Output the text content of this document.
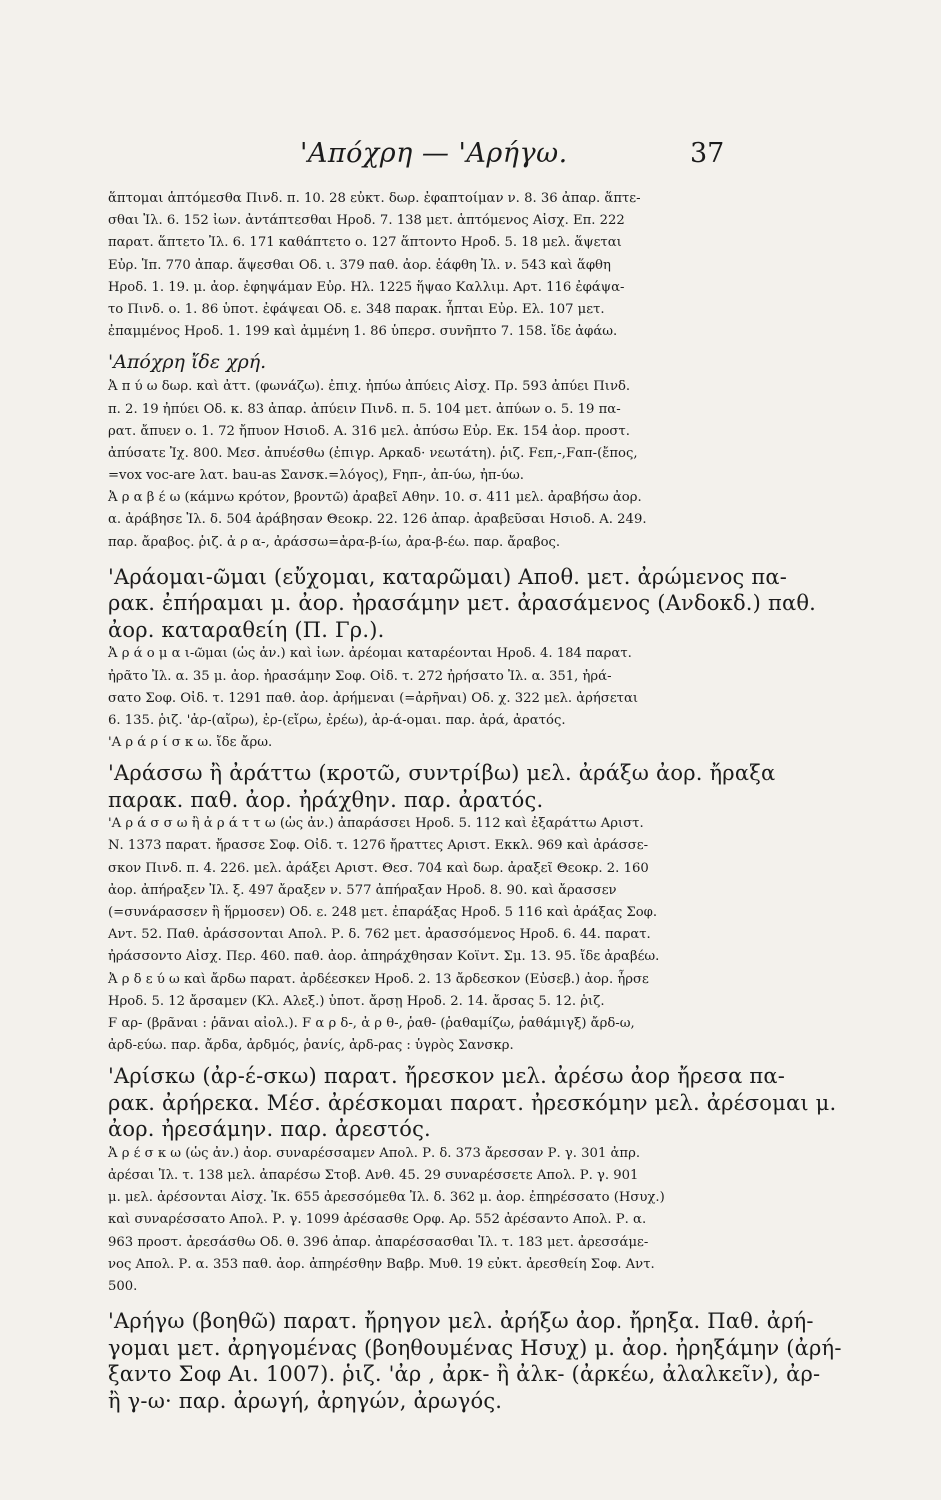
'Απόχρη — 'Αρήγω.	37
ἅπτομαι ἁπτόμεσθα Πινδ. π. 10. 28 εὐκτ. δωρ. ἐφαπτοίμαν ν. 8. 36 ἀπαρ. ἅπτε-
σθαι Ἰλ. 6. 152 ἰων. ἀντάπτεσθαι Ηροδ. 7. 138 μετ. ἁπτόμενος Αἰσχ. Επ. 222
παρατ. ἅπτετο Ἰλ. 6. 171 καθάπτετο ο. 127 ἅπτοντο Ηροδ. 5. 18 μελ. ἅψεται
Εὐρ. Ἱπ. 770 ἀπαρ. ἅψεσθαι Οδ. ι. 379 παθ. ἀορ. ἑάφθη Ἰλ. ν. 543 καὶ ἅφθη
Ηροδ. 1. 19. μ. ἀορ. ἐφηψάμαν Εὐρ. Ηλ. 1225 ἥψαο Καλλιμ. Αρτ. 116 ἐφάψα-
το Πινδ. ο. 1. 86 ὑποτ. ἐφάψεαι Οδ. ε. 348 παρακ. ἧπται Εὐρ. Ελ. 107 μετ.
ἐπαμμένος Ηροδ. 1. 199 καὶ ἀμμένη 1. 86 ὑπερσ. συνῆπτο 7. 158. ἴδε ἀφάω.
'Απόχρη ἴδε χρή.
Ἀ π ύ ω δωρ. καὶ ἀττ. (φωνάζω). ἐπιχ. ἠπύω ἀπύεις Αἰσχ. Πρ. 593 ἀπύει Πινδ.
π. 2. 19 ἠπύει Οδ. κ. 83 ἀπαρ. ἀπύειν Πινδ. π. 5. 104 μετ. ἀπύων ο. 5. 19 πα-
ρατ. ἄπυεν ο. 1. 72 ἤπυον Ησιοδ. Α. 316 μελ. ἀπύσω Εὐρ. Εκ. 154 ἀορ. προστ.
ἀπύσατε Ἰχ. 800. Μεσ. ἀπυέσθω (ἐπιγρ. Αρκαδ· νεωτάτη). ῥιζ. Fεπ,-,Fαπ-(ἔπος,
=vox voc-are λατ. bau-as Σανσκ.=λόγος), Fηπ-, ἀπ-ύω, ἠπ-ύω.
Ἀ ρ α β έ ω (κάμνω κρότον, βροντῶ) ἀραβεῖ Αθην. 10. σ. 411 μελ. ἀραβήσω ἀορ.
α. ἀράβησε Ἰλ. δ. 504 ἀράβησαν Θεοκρ. 22. 126 ἀπαρ. ἀραβεῦσαι Ησιοδ. Α. 249.
παρ. ἄραβος. ῥιζ. ἀ ρ α-, ἀράσσω=ἀρα-β-ίω, ἀρα-β-έω. παρ. ἄραβος.
'Αράομαι-ῶμαι (εὔχομαι, καταρῶμαι) Αποθ. μετ. ἀρώμενος πα-
ρακ. ἐπήραμαι μ. ἀορ. ἠρασάμην μετ. ἀρασάμενος (Ανδοκδ.) παθ.
ἀορ. καταραθείη (Π. Γρ.).
Ἀ ρ ά ο μ α ι-ῶμαι (ὡς ἀν.) καὶ ἰων. ἀρέομαι καταρέονται Ηροδ. 4. 184 παρατ.
ἠρᾶτο Ἰλ. α. 35 μ. ἀορ. ἠρασάμην Σοφ. Οἰδ. τ. 272 ἠρήσατο Ἰλ. α. 351, ἠρά-
σατο Σοφ. Οἰδ. τ. 1291 παθ. ἀορ. ἀρήμεναι (=ἀρῆναι) Οδ. χ. 322 μελ. ἀρήσεται
6. 135. ῥιζ. 'ἀρ-(αἴρω), ἐρ-(εἴρω, ἐρέω), ἀρ-ά-ομαι. παρ. ἀρά, ἀρατός.
'Α ρ ά ρ ί σ κ ω. ἴδε ἄρω.
'Αράσσω ἢ ἀράττω (κροτῶ, συντρίβω) μελ. ἀράξω ἀορ. ἤραξα
παρακ. παθ. ἀορ. ἠράχθην. παρ. ἀρατός.
'Α ρ ά σ σ ω ἢ ἀ ρ ά τ τ ω (ὡς ἀν.) ἀπαράσσει Ηροδ. 5. 112 καὶ ἐξαράττω Αριστ.
Ν. 1373 παρατ. ἤρασσε Σοφ. Οἰδ. τ. 1276 ἤραττες Αριστ. Εκκλ. 969 καὶ ἀράσσε-
σκον Πινδ. π. 4. 226. μελ. ἀράξει Αριστ. Θεσ. 704 καὶ δωρ. ἀραξεῖ Θεοκρ. 2. 160
ἀορ. ἀπήραξεν Ἰλ. ξ. 497 ἄραξεν ν. 577 ἀπήραξαν Ηροδ. 8. 90. καὶ ἄρασσεν
(=συνάρασσεν ἢ ἥρμοσεν) Οδ. ε. 248 μετ. ἐπαράξας Ηροδ. 5 116 καὶ ἀράξας Σοφ.
Αντ. 52. Παθ. ἀράσσονται Απολ. Ρ. δ. 762 μετ. ἀρασσόμενος Ηροδ. 6. 44. παρατ.
ἠράσσοντο Αἰσχ. Περ. 460. παθ. ἀορ. ἀπηράχθησαν Κοϊντ. Σμ. 13. 95. ἴδε ἀραβέω.
Ἀ ρ δ ε ύ ω καὶ ἄρδω παρατ. ἀρδέεσκεν Ηροδ. 2. 13 ἄρδεσκον (Εὐσεβ.) ἀορ. ἦρσε
Ηροδ. 5. 12 ἄρσαμεν (Κλ. Αλεξ.) ὑποτ. ἄρσῃ Ηροδ. 2. 14. ἄρσας 5. 12. ῥιζ.
F αρ- (βρᾶναι : ῥᾶναι αἰολ.). F α ρ δ-, ἀ ρ θ-, ῥαθ- (ῥαθαμίζω, ῥαθάμιγξ) ἄρδ-ω,
ἀρδ-εύω. παρ. ἄρδα, ἀρδμός, ῥανίς, ἀρδ-ρας : ὑγρὸς Σανσκρ.
'Αρίσκω (ἀρ-έ-σκω) παρατ. ἤρεσκον μελ. ἀρέσω ἀορ ἤρεσα πα-
ρακ. ἀρήρεκα. Μέσ. ἀρέσκομαι παρατ. ἠρεσκόμην μελ. ἀρέσομαι μ.
ἀορ. ἠρεσάμην. παρ. ἀρεστός.
Ἀ ρ έ σ κ ω (ὡς ἀν.) ἀορ. συναρέσσαμεν Απολ. Ρ. δ. 373 ἄρεσσαν Ρ. γ. 301 ἀπρ.
ἀρέσαι Ἰλ. τ. 138 μελ. ἀπαρέσω Στοβ. Ανθ. 45. 29 συναρέσσετε Απολ. Ρ. γ. 901
μ. μελ. ἀρέσονται Αἰσχ. Ἰκ. 655 ἀρεσσόμεθα Ἰλ. δ. 362 μ. ἀορ. ἐπηρέσσατο (Ησυχ.)
καὶ συναρέσσατο Απολ. Ρ. γ. 1099 ἀρέσασθε Ορφ. Αρ. 552 ἀρέσαντο Απολ. Ρ. α.
963 προστ. ἀρεσάσθω Οδ. θ. 396 ἀπαρ. ἀπαρέσσασθαι Ἰλ. τ. 183 μετ. ἀρεσσάμε-
νος Απολ. Ρ. α. 353 παθ. ἀορ. ἀπηρέσθην Βαβρ. Μυθ. 19 εὐκτ. ἀρεσθείη Σοφ. Αντ.
500.
'Αρήγω (βοηθῶ) παρατ. ἤρηγον μελ. ἀρήξω ἀορ. ἤρηξα. Παθ. ἀρή-
γομαι μετ. ἀρηγομένας (βοηθουμένας Ησυχ) μ. ἀορ. ἠρηξάμην (ἀρή-
ξαντο Σοφ Αι. 1007). ῥιζ. 'ἀρ , ἀρκ- ἢ ἀλκ- (ἀρκέω, ἀλαλκεῖν), ἀρ-
ἢ γ-ω· παρ. ἀρωγή, ἀρηγών, ἀρωγός.
